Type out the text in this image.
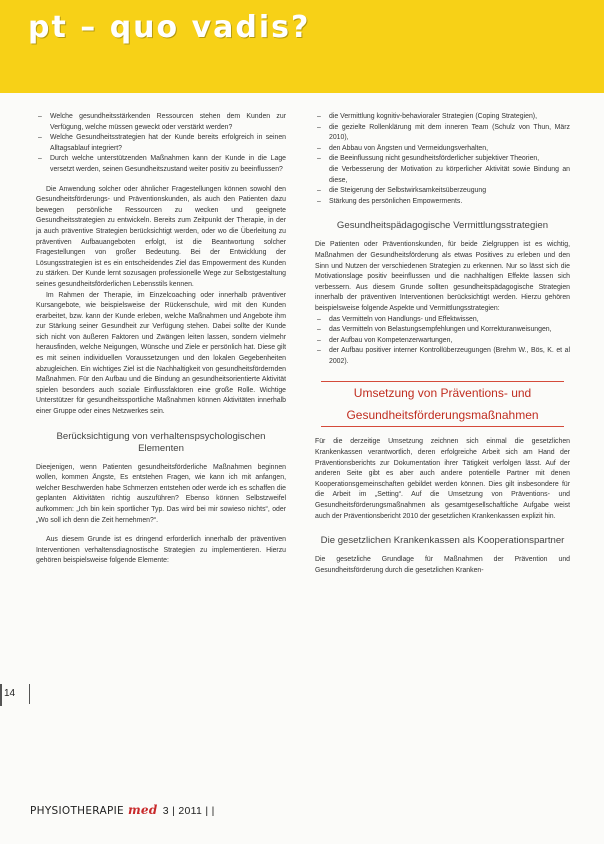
pt – quo vadis?
– Welche gesundheitsstärkenden Ressourcen stehen dem Kunden zur Verfügung, welche müssen geweckt oder verstärkt werden?
– Welche Gesundheitsstrategien hat der Kunde bereits erfolgreich in seinen Alltagsablauf integriert?
– Durch welche unterstützenden Maßnahmen kann der Kunde in die Lage versetzt werden, seinen Gesundheitszustand weiter positiv zu beeinflussen?

Die Anwendung solcher oder ähnlicher Fragestellungen können sowohl den Gesundheitsförderungs- und Präventionskunden, als auch den Patienten dazu bewegen persönliche Ressourcen zu wecken und geeignete Gesundheitsstrategien zu entwickeln. Bereits zum Zeitpunkt der Therapie, in der ja auch präventive Strategien berücksichtigt werden, oder wo die Überleitung zu präventiven Aufbauangeboten erfolgt, ist die Beantwortung solcher Fragestellungen von großer Bedeutung. Bei der Entwicklung der Lösungsstrategien ist es ein entscheidendes Ziel das Empowerment des Kunden zu stärken. Der Kunde lernt sozusagen professionelle Wege zur Selbstgestaltung seines gesundheitsförderlichen Lebensstils kennen.

Im Rahmen der Therapie, im Einzelcoaching oder innerhalb präventiver Kursangebote, wie beispielsweise der Rückenschule, wird mit den Kunden erarbeitet, bzw. kann der Kunde erleben, welche Maßnahmen und Angebote ihm zur Stärkung seiner Gesundheit zur Verfügung stehen. Dabei sollte der Kunde sich nicht von äußeren Faktoren und Zwängen leiten lassen, sondern vielmehr herausfinden, welche Neigungen, Wünsche und Ziele er persönlich hat. Diese gilt es mit seinen individuellen Voraussetzungen und den lokalen Gegebenheiten abzugleichen. Ein wichtiges Ziel ist die Nachhaltigkeit von gesundheitsfördernden Maßnahmen. Für den Aufbau und die Bindung an gesundheitsorientierte Aktivität spielen besonders auch soziale Einflussfaktoren eine große Rolle. Wichtige Unterstützer für gesundheitssportliche Maßnahmen können Aktivitäten innerhalb einer Gruppe oder eines Netzwerkes sein.

Berücksichtigung von verhaltenspsychologischen Elementen

Dieejenigen, wenn Patienten gesundheitsförderliche Maßnahmen beginnen wollen, kommen Ängste, Es entstehen Fragen, wie kann ich mit anfangen, welcher Beschwerden habe Schmerzen entstehen oder werde ich es schaffen die geplanten Aktivitäten richtig auszuführen? Ebenso können Selbstzweifel aufkommen: „Ich bin kein sportlicher Typ. Das wird bei mir sowieso nichts“, oder „Wo soll ich denn die Zeit hernehmen?“.

Aus diesem Grunde ist es dringend erforderlich innerhalb der präventiven Interventionen verhaltensdiagnostische Strategien zu implementieren. Hierzu gehören beispielsweise folgende Elemente:

– die Vermittlung kognitiv-behavioraler Strategien (Coping Strategien),
– die gezielte Rollenklärung mit dem inneren Team (Schulz von Thun, März 2010),
– den Abbau von Ängsten und Vermeidungsverhalten,
– die Beeinflussung nicht gesundheitsförderlicher subjektiver Theorien,
die Verbesserung der Motivation zu körperlicher Aktivität sowie Bindung an diese,
– die Steigerung der Selbstwirksamkeitsüberzeugung
– Stärkung des persönlichen Empowerments.
Gesundheitspädagogische Vermittlungsstrategien

Die Patienten oder Präventionskunden, für beide Zielgruppen ist es wichtig, Maßnahmen der Gesundheitsförderung als etwas Positives zu erleben und den Sinn und Nutzen der verschiedenen Strategien zu erkennen. Nur so lässt sich die Motivationslage positiv beeinflussen und die nachhaltigen Effekte lassen sich verbessern. Aus diesem Grunde sollten gesundheitspädagogische Strategien innerhalb der präventiven Interventionen berücksichtigt werden. Hierzu gehören beispielsweise folgende Aspekte und Vermittlungsstrategien:

– das Vermitteln von Handlungs- und Effektwissen,
– das Vermitteln von Belastungsempfehlungen und Korrekturanweisungen,
– der Aufbau von Kompetenzerwartungen,
– der Aufbau positiver interner Kontrollüberzeugungen (Brehm W., Bös, K. et al 2002).
Umsetzung von Präventions- und
Gesundheitsförderungsmaßnahmen

Für die derzeitige Umsetzung zeichnen sich einmal die gesetzlichen Krankenkassen verantwortlich, deren erfolgreiche Arbeit sich am Hand der Präventionsberichts zur Dokumentation ihrer Tätigkeit verfolgen lässt. Auf der anderen Seite gibt es aber auch andere potentielle Partner mit denen Kooperationsgemeinschaften gebildet werden können. Dies gilt insbesondere für die Arbeit im „Setting“. Auf die Umsetzung von Präventions- und Gesundheitsförderungsmaßnahmen als gesamtgesellschaftliche Aufgabe weist auch der Präventionsbericht 2010 der gesetzlichen Krankenkassen explizit hin.

Die gesetzlichen Krankenkassen als Kooperationspartner

Die gesetzliche Grundlage für Maßnahmen der Prävention und Gesundheitsförderung durch die gesetzlichen Kranken-

14
PHYSIOTHERAPIE med 3 | 2011 | |
